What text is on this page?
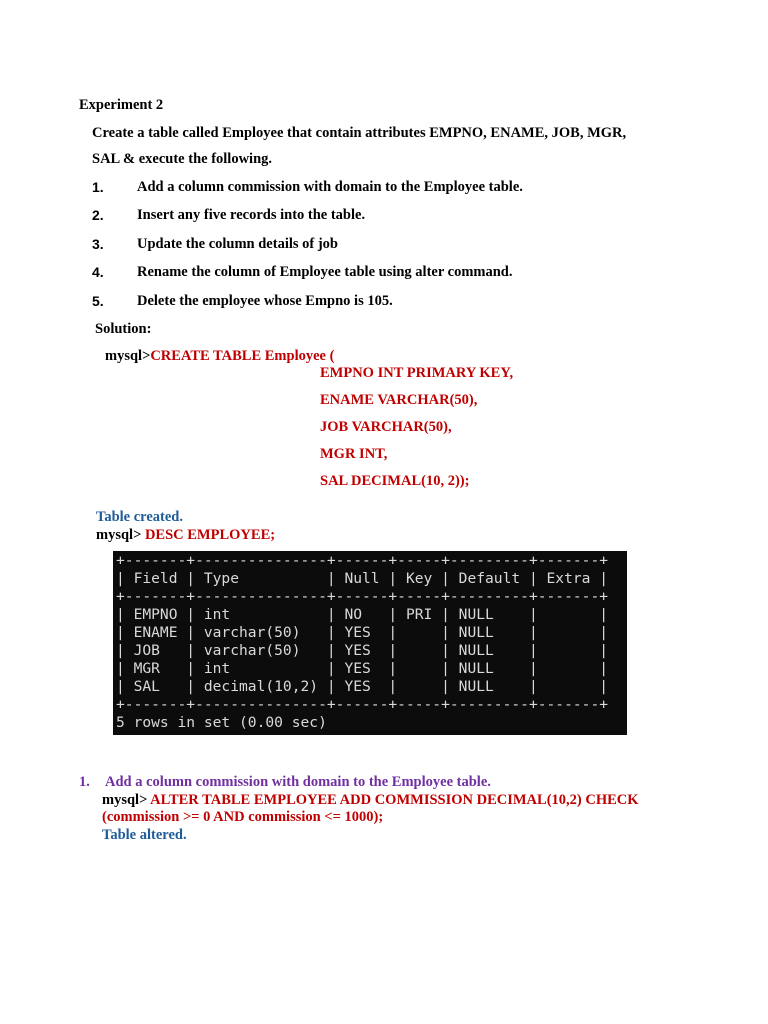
Experiment 2
Create a table called Employee that contain attributes EMPNO, ENAME, JOB, MGR,
SAL & execute the following.
1. Add a column commission with domain to the Employee table.
2. Insert any five records into the table.
3. Update the column details of job
4. Rename the column of Employee table using alter command.
5. Delete the employee whose Empno is 105.
Solution:
mysql>CREATE TABLE Employee (
EMPNO INT PRIMARY KEY,
ENAME VARCHAR(50),
JOB VARCHAR(50),
MGR INT,
SAL DECIMAL(10, 2));
Table created.
mysql> DESC EMPLOYEE;
+-------+---------------+------+-----+---------+-------+
| Field | Type          | Null | Key | Default | Extra |
+-------+---------------+------+-----+---------+-------+
| EMPNO | int           | NO   | PRI | NULL    |       |
| ENAME | varchar(50)   | YES  |     | NULL    |       |
| JOB   | varchar(50)   | YES  |     | NULL    |       |
| MGR   | int           | YES  |     | NULL    |       |
| SAL   | decimal(10,2) | YES  |     | NULL    |       |
+-------+---------------+------+-----+---------+-------+
5 rows in set (0.00 sec)
1. Add a column commission with domain to the Employee table.
mysql> ALTER TABLE EMPLOYEE ADD COMMISSION DECIMAL(10,2) CHECK
(commission >= 0 AND commission <= 1000);
Table altered.
